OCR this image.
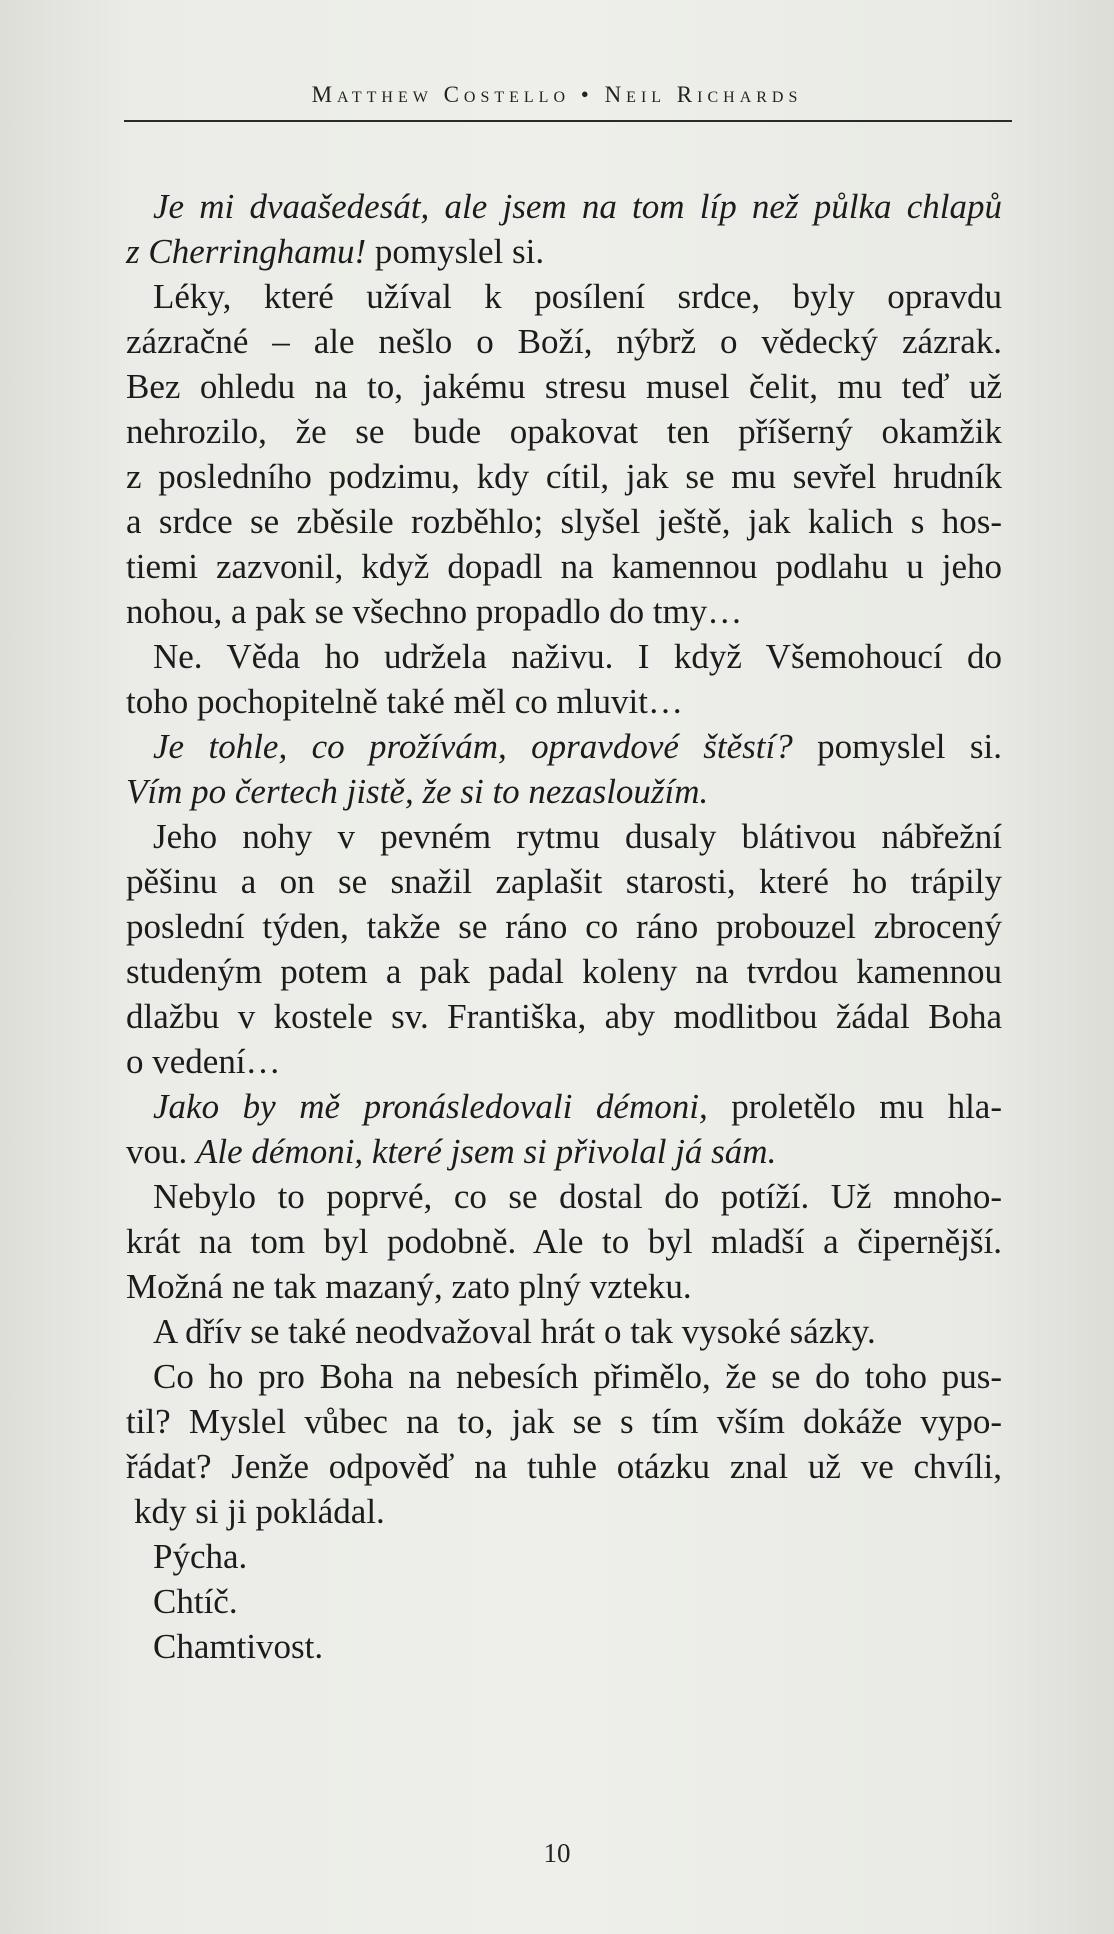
Matthew Costello • Neil Richards
Je mi dvaašedesát, ale jsem na tom líp než půlka chlapů
z Cherringhamu! pomyslel si.
Léky, které užíval k posílení srdce, byly opravdu
zázračné – ale nešlo o Boží, nýbrž o vědecký zázrak.
Bez ohledu na to, jakému stresu musel čelit, mu teď už
nehrozilo, že se bude opakovat ten příšerný okamžik
z posledního podzimu, kdy cítil, jak se mu sevřel hrudník
a srdce se zběsile rozběhlo; slyšel ještě, jak kalich s hos-
tiemi zazvonil, když dopadl na kamennou podlahu u jeho
nohou, a pak se všechno propadlo do tmy…
Ne. Věda ho udržela naživu. I když Všemohoucí do
toho pochopitelně také měl co mluvit…
Je tohle, co prožívám, opravdové štěstí? pomyslel si.
Vím po čertech jistě, že si to nezasloužím.
Jeho nohy v pevném rytmu dusaly blátivou nábřežní
pěšinu a on se snažil zaplašit starosti, které ho trápily
poslední týden, takže se ráno co ráno probouzel zbrocený
studeným potem a pak padal koleny na tvrdou kamennou
dlažbu v kostele sv. Františka, aby modlitbou žádal Boha
o vedení…
Jako by mě pronásledovali démoni, proletělo mu hla-
vou. Ale démoni, které jsem si přivolal já sám.
Nebylo to poprvé, co se dostal do potíží. Už mnoho-
krát na tom byl podobně. Ale to byl mladší a čipernější.
Možná ne tak mazaný, zato plný vzteku.
A dřív se také neodvažoval hrát o tak vysoké sázky.
Co ho pro Boha na nebesích přimělo, že se do toho pus-
til? Myslel vůbec na to, jak se s tím vším dokáže vypo-
řádat? Jenže odpověď na tuhle otázku znal už ve chvíli,
kdy si ji pokládal.
Pýcha.
Chtíč.
Chamtivost.
10
